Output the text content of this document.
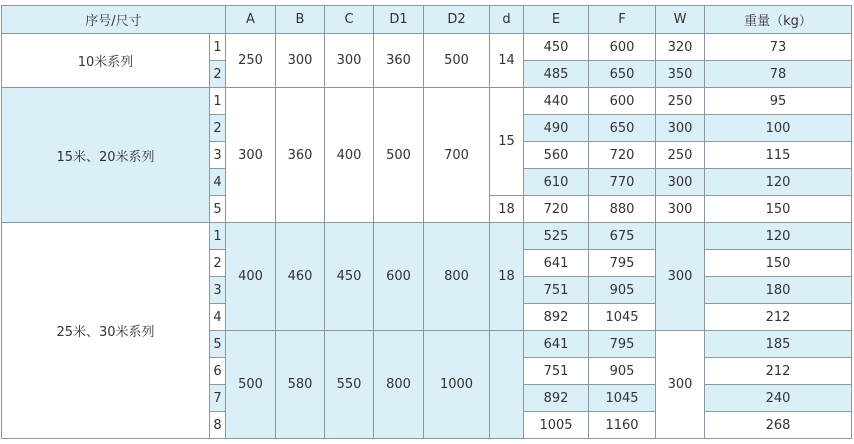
序号/尺寸		A	B	C	D1	D2	d	E	F	W	重量（kg）
10米系列	1	250	300	300	360	500	14	450	600	320	73
	2							485	650	350	78
15米、20米系列	1	300	360	400	500	700	15	440	600	250	95
	2							490	650	300	100
	3							560	720	250	115
	4							610	770	300	120
	5						18	720	880	300	150
25米、30米系列	1	400	460	450	600	800	18	525	675	300	120
	2							641	795		150
	3							751	905		180
	4							892	1045		212
	5	500	580	550	800	1000		641	795	300	185
	6							751	905		212
	7							892	1045		240
	8							1005	1160		268
